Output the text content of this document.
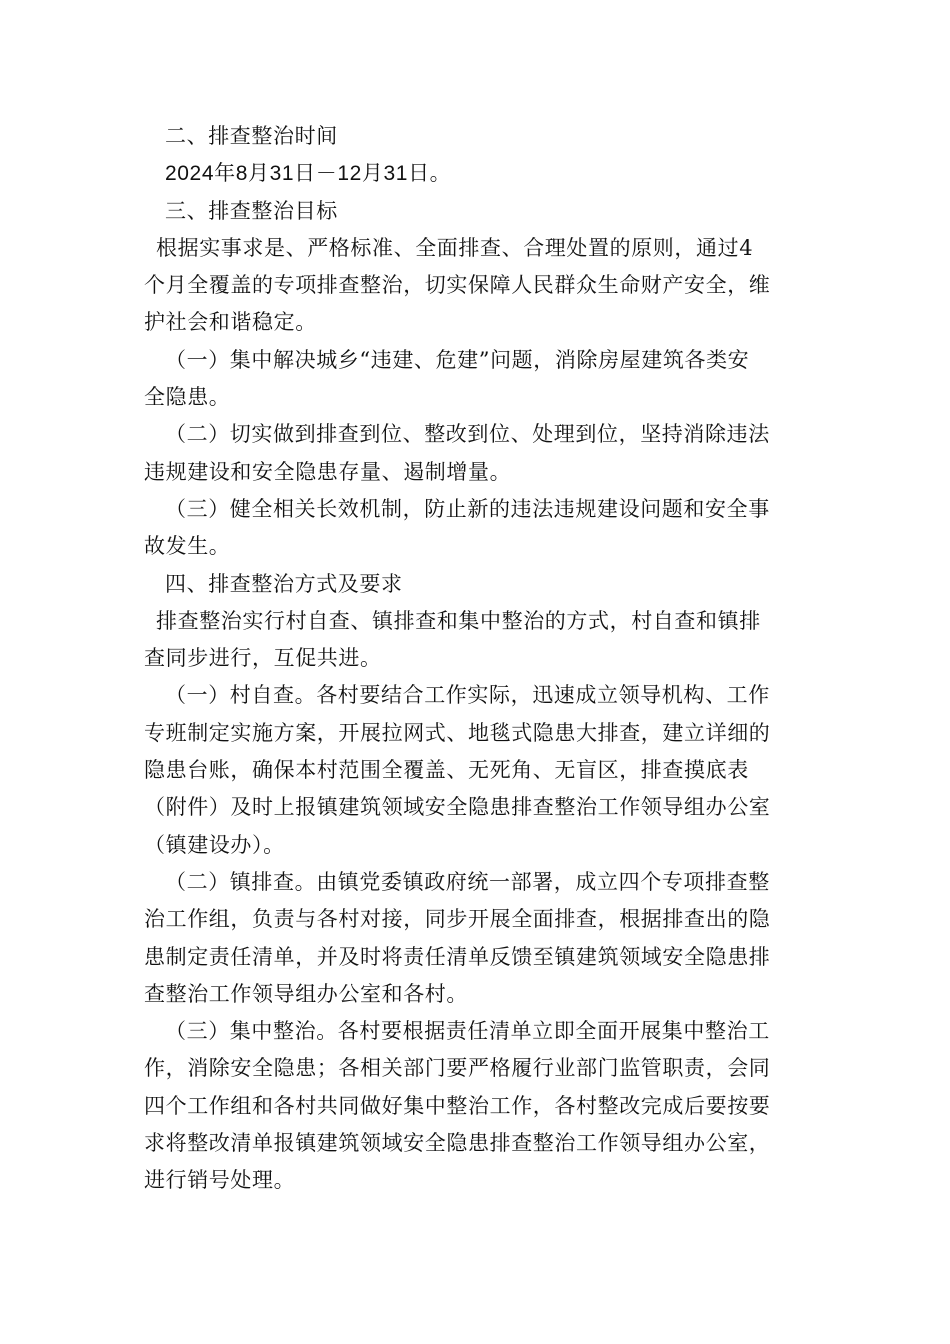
二、排查整治时间
2024年8月31日－12月31日。
三、排查整治目标
根据实事求是、严格标准、全面排查、合理处置的原则，通过4
个月全覆盖的专项排查整治，切实保障人民群众生命财产安全，维
护社会和谐稳定。
（一）集中解决城乡“违建、危建”问题，消除房屋建筑各类安
全隐患。
（二）切实做到排查到位、整改到位、处理到位，坚持消除违法
违规建设和安全隐患存量、遏制增量。
（三）健全相关长效机制，防止新的违法违规建设问题和安全事
故发生。
四、排查整治方式及要求
排查整治实行村自查、镇排查和集中整治的方式，村自查和镇排
查同步进行，互促共进。
（一）村自查。各村要结合工作实际，迅速成立领导机构、工作
专班制定实施方案，开展拉网式、地毯式隐患大排查，建立详细的
隐患台账，确保本村范围全覆盖、无死角、无盲区，排查摸底表
（附件）及时上报镇建筑领域安全隐患排查整治工作领导组办公室
（镇建设办）。
（二）镇排查。由镇党委镇政府统一部署，成立四个专项排查整
治工作组，负责与各村对接，同步开展全面排查，根据排查出的隐
患制定责任清单，并及时将责任清单反馈至镇建筑领域安全隐患排
查整治工作领导组办公室和各村。
（三）集中整治。各村要根据责任清单立即全面开展集中整治工
作，消除安全隐患；各相关部门要严格履行业部门监管职责，会同
四个工作组和各村共同做好集中整治工作，各村整改完成后要按要
求将整改清单报镇建筑领域安全隐患排查整治工作领导组办公室，
进行销号处理。
